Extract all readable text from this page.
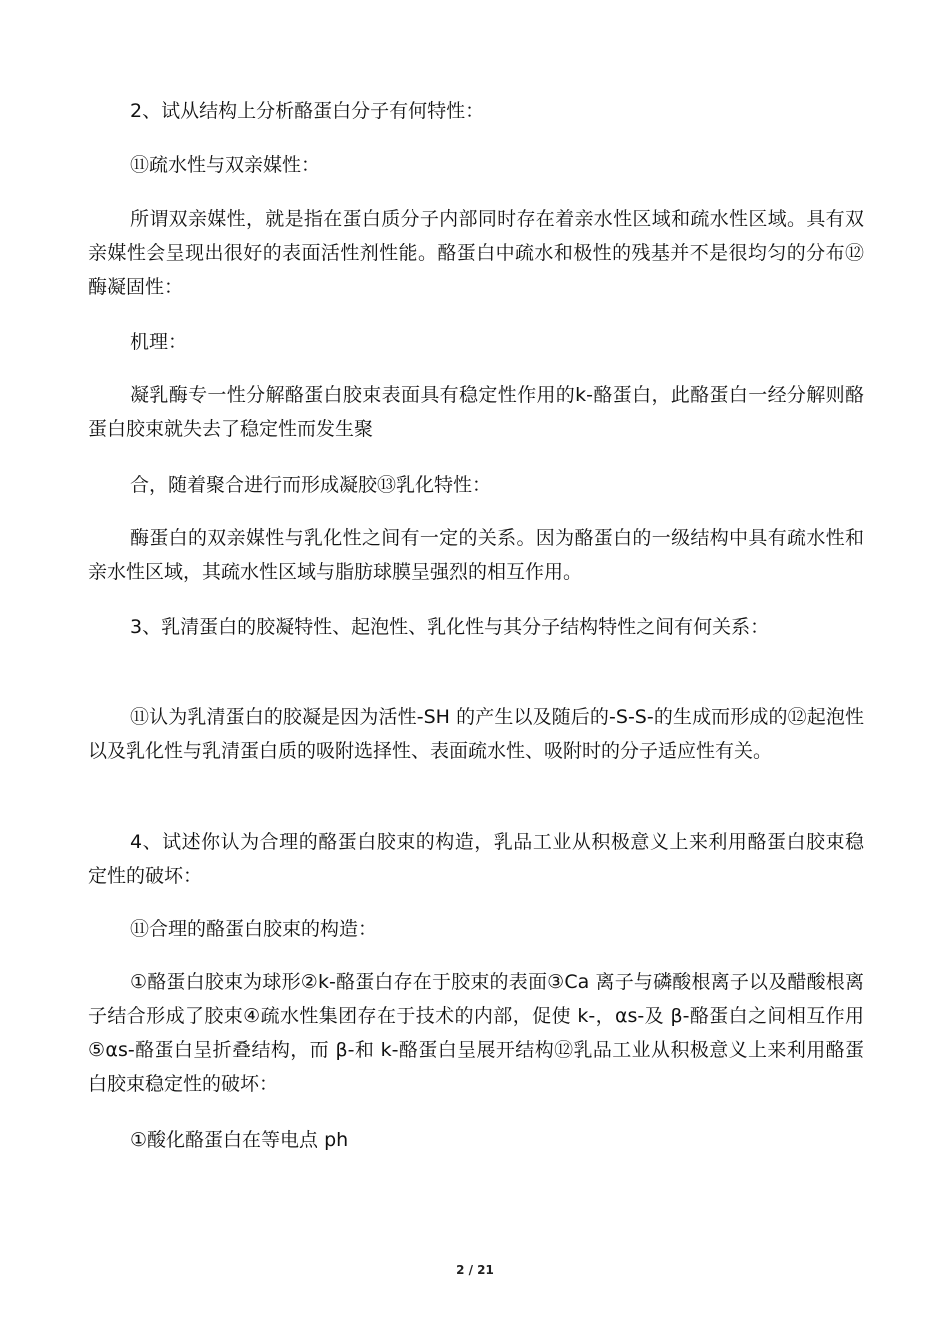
2、试从结构上分析酪蛋白分子有何特性：

⑪疏水性与双亲媒性：

所谓双亲媒性，就是指在蛋白质分子内部同时存在着亲水性区域和疏水性区域。具有双亲媒性会呈现出很好的表面活性剂性能。酪蛋白中疏水和极性的残基并不是很均匀的分布⑫酶凝固性：

机理：

凝乳酶专一性分解酪蛋白胶束表面具有稳定性作用的k-酪蛋白，此酪蛋白一经分解则酪蛋白胶束就失去了稳定性而发生聚

合，随着聚合进行而形成凝胶⑬乳化特性：

酶蛋白的双亲媒性与乳化性之间有一定的关系。因为酪蛋白的一级结构中具有疏水性和亲水性区域，其疏水性区域与脂肪球膜呈强烈的相互作用。

3、乳清蛋白的胶凝特性、起泡性、乳化性与其分子结构特性之间有何关系：

⑪认为乳清蛋白的胶凝是因为活性-SH 的产生以及随后的-S-S-的生成而形成的⑫起泡性以及乳化性与乳清蛋白质的吸附选择性、表面疏水性、吸附时的分子适应性有关。

4、试述你认为合理的酪蛋白胶束的构造，乳品工业从积极意义上来利用酪蛋白胶束稳定性的破坏：

⑪合理的酪蛋白胶束的构造：

①酪蛋白胶束为球形②k-酪蛋白存在于胶束的表面③Ca 离子与磷酸根离子以及醋酸根离子结合形成了胶束④疏水性集团存在于技术的内部，促使 k-，αs-及 β-酪蛋白之间相互作用⑤αs-酪蛋白呈折叠结构，而 β-和 k-酪蛋白呈展开结构⑫乳品工业从积极意义上来利用酪蛋白胶束稳定性的破坏：

①酸化酪蛋白在等电点 ph

2 / 21
